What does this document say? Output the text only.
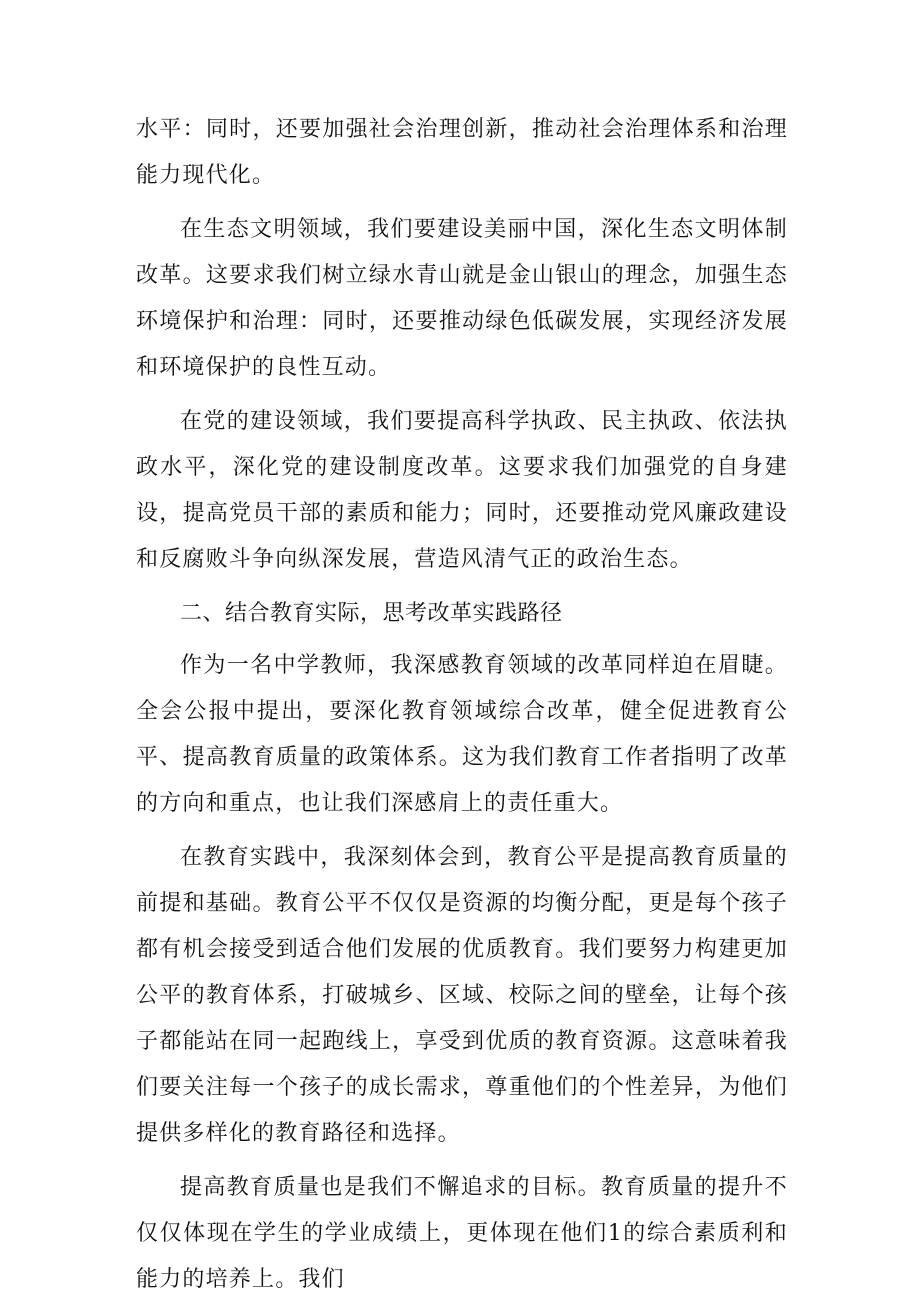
水平：同时，还要加强社会治理创新，推动社会治理体系和治理能力现代化。

在生态文明领域，我们要建设美丽中国，深化生态文明体制改革。这要求我们树立绿水青山就是金山银山的理念，加强生态环境保护和治理：同时，还要推动绿色低碳发展，实现经济发展和环境保护的良性互动。

在党的建设领域，我们要提高科学执政、民主执政、依法执政水平，深化党的建设制度改革。这要求我们加强党的自身建设，提高党员干部的素质和能力；同时，还要推动党风廉政建设和反腐败斗争向纵深发展，营造风清气正的政治生态。

二、结合教育实际，思考改革实践路径

作为一名中学教师，我深感教育领域的改革同样迫在眉睫。全会公报中提出，要深化教育领域综合改革，健全促进教育公平、提高教育质量的政策体系。这为我们教育工作者指明了改革的方向和重点，也让我们深感肩上的责任重大。

在教育实践中，我深刻体会到，教育公平是提高教育质量的前提和基础。教育公平不仅仅是资源的均衡分配，更是每个孩子都有机会接受到适合他们发展的优质教育。我们要努力构建更加公平的教育体系，打破城乡、区域、校际之间的壁垒，让每个孩子都能站在同一起跑线上，享受到优质的教育资源。这意味着我们要关注每一个孩子的成长需求，尊重他们的个性差异，为他们提供多样化的教育路径和选择。

提高教育质量也是我们不懈追求的目标。教育质量的提升不仅仅体现在学生的学业成绩上，更体现在他们1的综合素质利和能力的培养上。我们
